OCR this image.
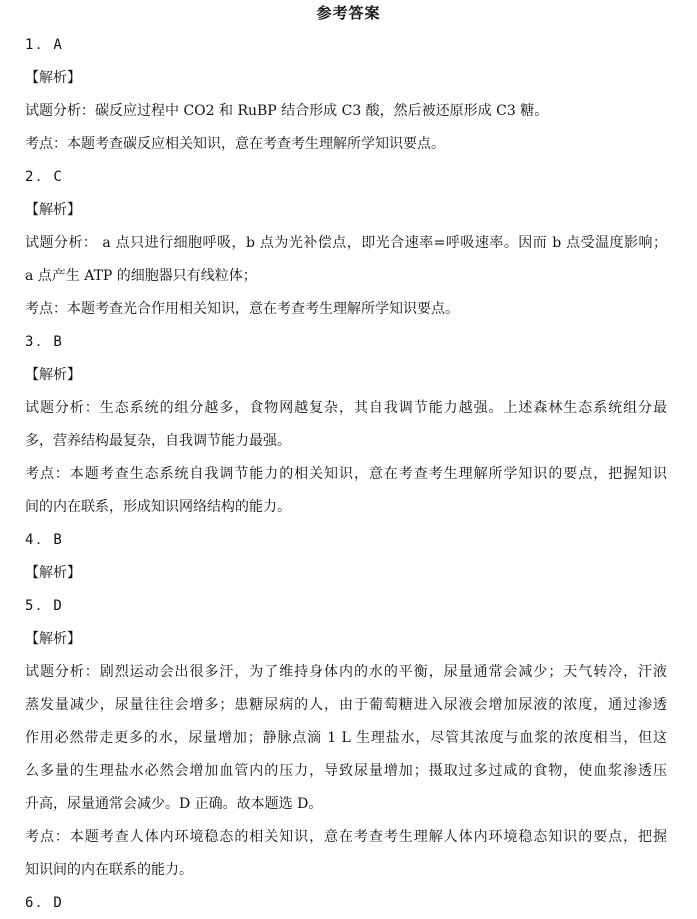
参考答案
1．A
【解析】
试题分析：碳反应过程中 CO2 和 RuBP 结合形成 C3 酸，然后被还原形成 C3 糖。
考点：本题考查碳反应相关知识，意在考查考生理解所学知识要点。
2．C
【解析】
试题分析： a 点只进行细胞呼吸，b 点为光补偿点，即光合速率=呼吸速率。因而 b 点受温度影响；
a 点产生 ATP 的细胞器只有线粒体；
考点：本题考查光合作用相关知识，意在考查考生理解所学知识要点。
3．B
【解析】
试题分析：生态系统的组分越多，食物网越复杂，其自我调节能力越强。上述森林生态系统组分最
多，营养结构最复杂，自我调节能力最强。
考点：本题考查生态系统自我调节能力的相关知识，意在考查考生理解所学知识的要点，把握知识
间的内在联系，形成知识网络结构的能力。
4．B
【解析】
5．D
【解析】
试题分析：剧烈运动会出很多汗，为了维持身体内的水的平衡，尿量通常会减少；天气转冷，汗液
蒸发量减少，尿量往往会增多；患糖尿病的人，由于葡萄糖进入尿液会增加尿液的浓度，通过渗透
作用必然带走更多的水，尿量增加；静脉点滴 1 L 生理盐水，尽管其浓度与血浆的浓度相当，但这
么多量的生理盐水必然会增加血管内的压力，导致尿量增加；摄取过多过咸的食物，使血浆渗透压
升高，尿量通常会减少。D 正确。故本题选 D。
考点：本题考查人体内环境稳态的相关知识，意在考查考生理解人体内环境稳态知识的要点，把握
知识间的内在联系的能力。
6．D
